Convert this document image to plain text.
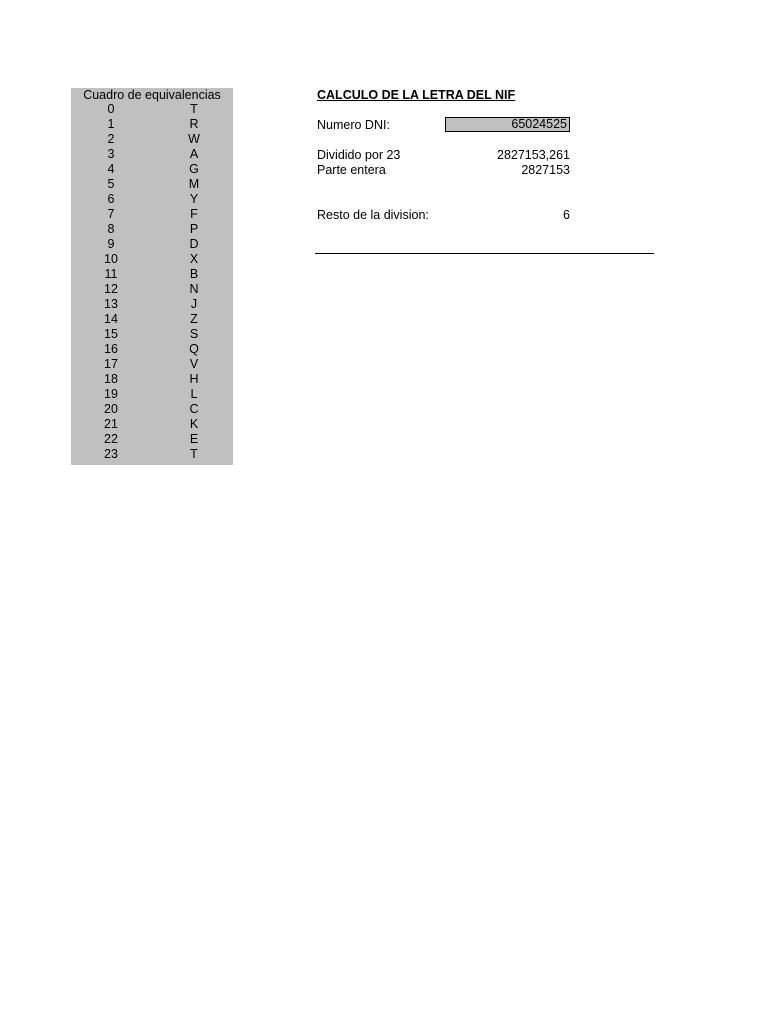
Cuadro de equivalencias
0	T
1	R
2	W
3	A
4	G
5	M
6	Y
7	F
8	P
9	D
10	X
11	B
12	N
13	J
14	Z
15	S
16	Q
17	V
18	H
19	L
20	C
21	K
22	E
23	T
CALCULO DE LA LETRA DEL NIF
Numero DNI:	65024525
Dividido por 23	2827153,261
Parte entera	2827153
Resto de la division:	6
